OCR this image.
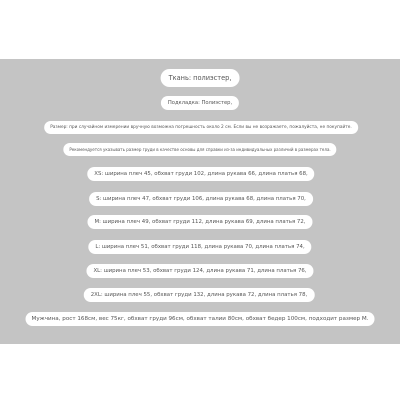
Ткань: полиэстер,
Подкладка: Полиэстер,
Размер: при случайном измерении вручную возможна погрешность около 2 см. Если вы не возражаете, пожалуйста, не покупайте.
Рекомендуется указывать размер груди в качестве основы для справки из-за индивидуальных различий в размерах тела.
XS: ширина плеч 45, обхват груди 102, длина рукава 66, длина платья 68,
S: ширина плеч 47, обхват груди 106, длина рукава 68, длина платья 70,
M: ширина плеч 49, обхват груди 112, длина рукава 69, длина платья 72,
L: ширина плеч 51, обхват груди 118, длина рукава 70, длина платья 74,
XL: ширина плеч 53, обхват груди 124, длина рукава 71, длина платья 76,
2XL: ширина плеч 55, обхват груди 132, длина рукава 72, длина платья 78,
Мужчина, рост 168см, вес 75кг, обхват груди 96см, обхват талии 80см, обхват бедер 100см, подходит размер М.
